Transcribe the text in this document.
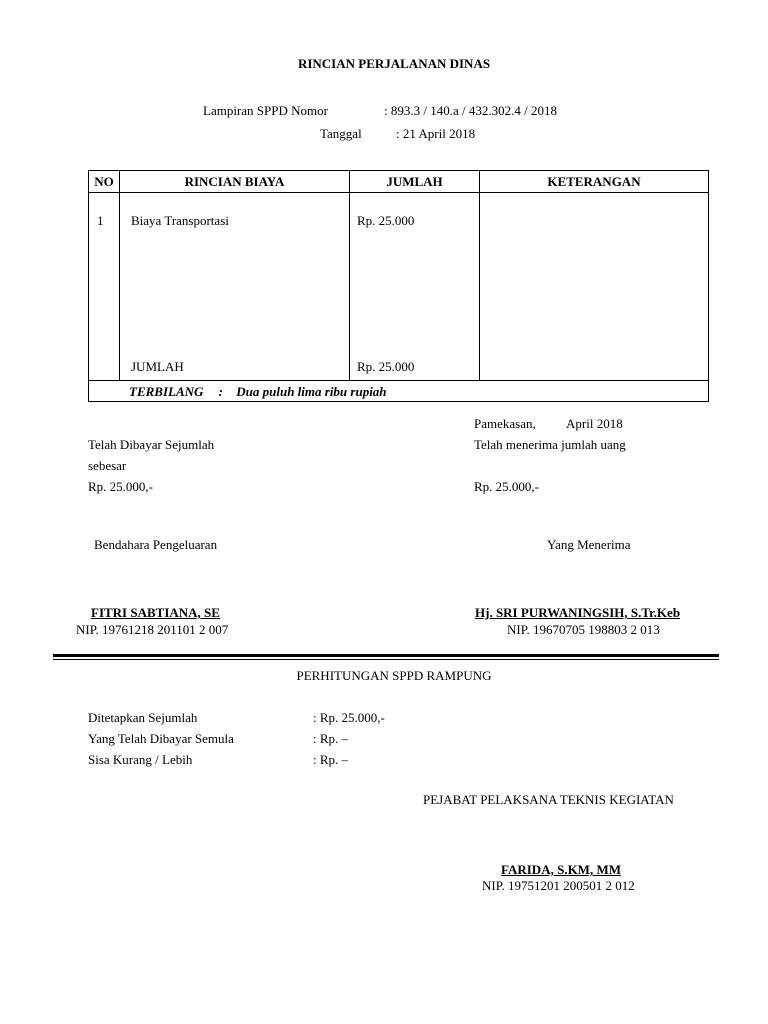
RINCIAN PERJALANAN DINAS
Lampiran SPPD Nomor	: 893.3 / 140.a / 432.302.4 / 2018
Tanggal	: 21 April 2018
NO	RINCIAN BIAYA	JUMLAH	KETERANGAN
1 Biaya Transportasi	Rp. 25.000
JUMLAH	Rp. 25.000
TERBILANG : Dua puluh lima ribu rupiah
Pamekasan, April 2018
Telah Dibayar Sejumlah
sebesar
Rp. 25.000,-
Bendahara Pengeluaran
FITRI SABTIANA, SE
NIP. 19761218 201101 2 007
Telah menerima jumlah uang
Rp. 25.000,-
Yang Menerima
Hj. SRI PURWANINGSIH, S.Tr.Keb
NIP. 19670705 198803 2 013
PERHITUNGAN SPPD RAMPUNG
Ditetapkan Sejumlah	: Rp. 25.000,-
Yang Telah Dibayar Semula	: Rp. –
Sisa Kurang / Lebih	: Rp. –
PEJABAT PELAKSANA TEKNIS KEGIATAN
FARIDA, S.KM, MM
NIP. 19751201 200501 2 012
